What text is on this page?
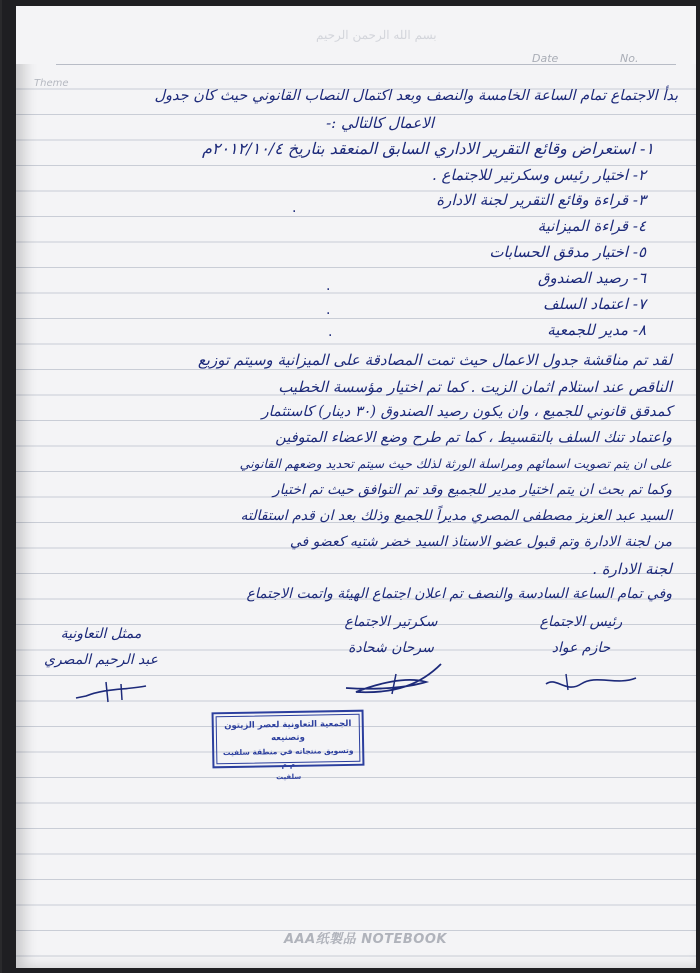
بسم الله الرحمن الرحيم
Date	No.
Theme
بدأ الاجتماع تمام الساعة الخامسة والنصف وبعد اكتمال النصاب القانوني حيث كان جدول
الاعمال كالتالي :-
١- استعراض وقائع التقرير الاداري السابق المنعقد بتاريخ ٢٠١٢/١٠/٤م
٢- اختيار رئيس وسكرتير للاجتماع .
٣- قراءة وقائع التقرير لجنة الادارة
٤- قراءة الميزانية
٥- اختيار مدقق الحسابات
٦- رصيد الصندوق
٧- اعتماد السلف
٨- مدير للجمعية
.
.
.
.
لقد تم مناقشة جدول الاعمال حيث تمت المصادقة على الميزانية وسيتم توزيع
الناقص عند استلام اثمان الزيت . كما تم اختيار مؤسسة الخطيب
كمدقق قانوني للجميع ، وان يكون رصيد الصندوق (٣٠ دينار) كاستثمار
واعتماد تنك السلف بالتقسيط ، كما تم طرح وضع الاعضاء المتوفين
على ان يتم تصويت اسمائهم ومراسلة الورثة لذلك حيث سيتم تحديد وضعهم القانوني
وكما تم بحث ان يتم اختيار مدير للجميع وقد تم التوافق حيث تم اختيار
السيد عبد العزيز مصطفى المصري مديراً للجميع وذلك بعد ان قدم استقالته
من لجنة الادارة وتم قبول عضو الاستاذ السيد خضر شتيه كعضو في
لجنة الادارة .
وفي تمام الساعة السادسة والنصف تم اعلان اجتماع الهيئة واتمت الاجتماع
رئيس الاجتماع
حازم عواد
سكرتير الاجتماع
سرحان شحادة
ممثل التعاونية
عبد الرحيم المصري
الجمعية التعاونية لعصر الزيتون وتصنيعه
وتسويق منتجاته في منطقة سلفيت م.م
سلفيت
AAA纸製品 NOTEBOOK
